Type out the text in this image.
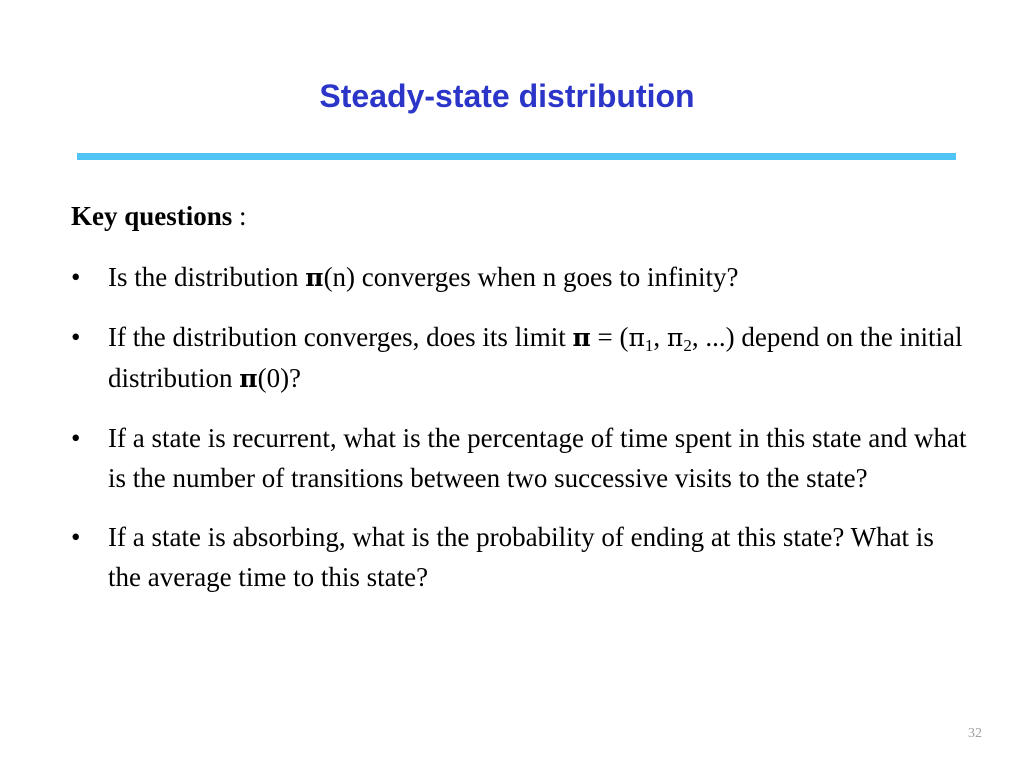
Steady-state distribution
Key questions :
• Is the distribution π(n) converges when n goes to infinity?
• If the distribution converges, does its limit $\pi = (\pi_1$, $\pi_2$, ...) depend on the initial distribution π(0)?
• If a state is recurrent, what is the percentage of time spent in this state and what is the number of transitions between two successive visits to the state?
• If a state is absorbing, what is the probability of ending at this state? What is the average time to this state?
32
